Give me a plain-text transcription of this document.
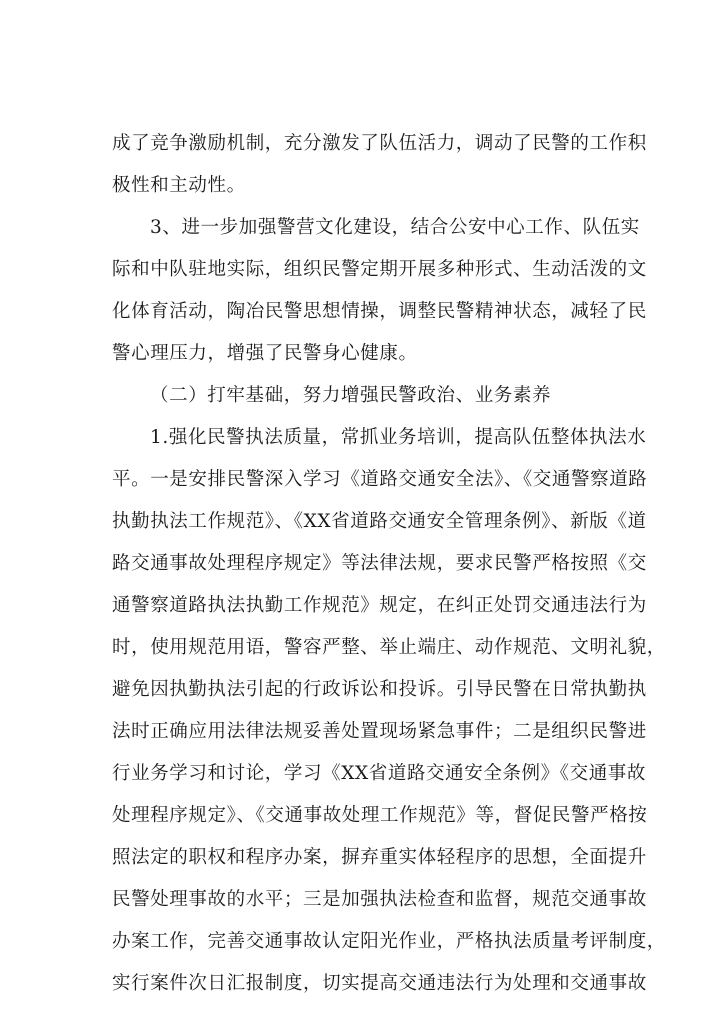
成了竞争激励机制，充分激发了队伍活力，调动了民警的工作积
极性和主动性。
3、进一步加强警营文化建设，结合公安中心工作、队伍实
际和中队驻地实际，组织民警定期开展多种形式、生动活泼的文
化体育活动，陶冶民警思想情操，调整民警精神状态，减轻了民
警心理压力，增强了民警身心健康。
（二）打牢基础，努力增强民警政治、业务素养
1.强化民警执法质量，常抓业务培训，提高队伍整体执法水
平。一是安排民警深入学习《道路交通安全法》、《交通警察道路
执勤执法工作规范》、《XX省道路交通安全管理条例》、新版《道
路交通事故处理程序规定》等法律法规，要求民警严格按照《交
通警察道路执法执勤工作规范》规定，在纠正处罚交通违法行为
时，使用规范用语，警容严整、举止端庄、动作规范、文明礼貌，
避免因执勤执法引起的行政诉讼和投诉。引导民警在日常执勤执
法时正确应用法律法规妥善处置现场紧急事件；二是组织民警进
行业务学习和讨论，学习《XX省道路交通安全条例》《交通事故
处理程序规定》、《交通事故处理工作规范》等，督促民警严格按
照法定的职权和程序办案，摒弃重实体轻程序的思想，全面提升
民警处理事故的水平；三是加强执法检查和监督，规范交通事故
办案工作，完善交通事故认定阳光作业，严格执法质量考评制度，
实行案件次日汇报制度，切实提高交通违法行为处理和交通事故
